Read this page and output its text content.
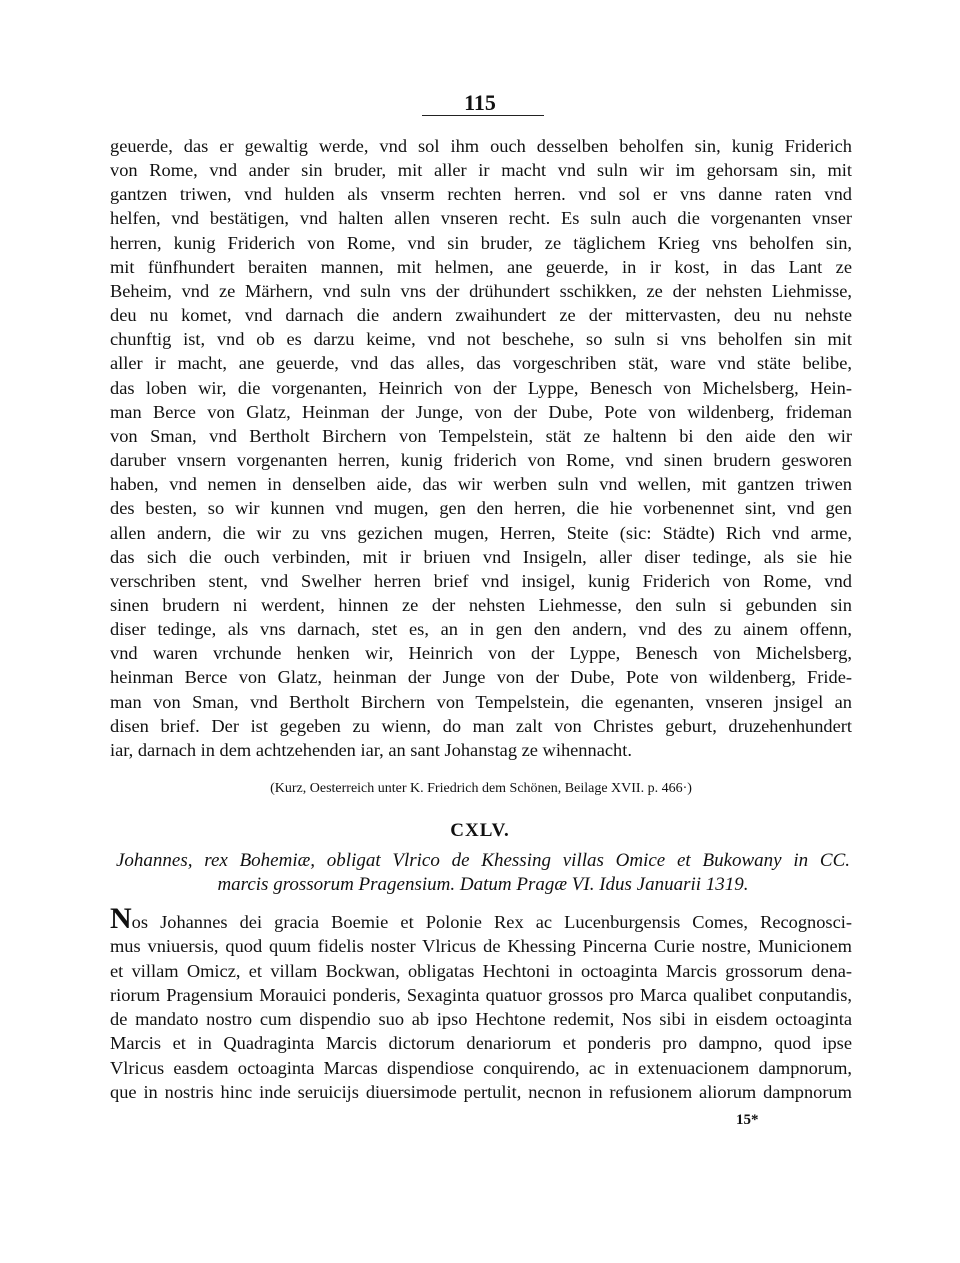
115
geuerde, das er gewaltig werde, vnd sol ihm ouch desselben beholfen sin, kunig Friderich
von Rome, vnd ander sin bruder, mit aller ir macht vnd suln wir im gehorsam sin, mit
gantzen triwen, vnd hulden als vnserm rechten herren. vnd sol er vns danne raten vnd
helfen, vnd bestätigen, vnd halten allen vnseren recht. Es suln auch die vorgenanten vnser
herren, kunig Friderich von Rome, vnd sin bruder, ze täglichem Krieg vns beholfen sin,
mit fünfhundert beraiten mannen, mit helmen, ane geuerde, in ir kost, in das Lant ze
Beheim, vnd ze Märhern, vnd suln vns der drühundert sschikken, ze der nehsten Liehmisse,
deu nu komet, vnd darnach die andern zwaihundert ze der mittervasten, deu nu nehste
chunftig ist, vnd ob es darzu keime, vnd not beschehe, so suln si vns beholfen sin mit
aller ir macht, ane geuerde, vnd das alles, das vorgeschriben stät, ware vnd stäte belibe,
das loben wir, die vorgenanten, Heinrich von der Lyppe, Benesch von Michelsberg, Hein-
man Berce von Glatz, Heinman der Junge, von der Dube, Pote von wildenberg, frideman
von Sman, vnd Bertholt Birchern von Tempelstein, stät ze haltenn bi den aide den wir
daruber vnsern vorgenanten herren, kunig friderich von Rome, vnd sinen brudern gesworen
haben, vnd nemen in denselben aide, das wir werben suln vnd wellen, mit gantzen triwen
des besten, so wir kunnen vnd mugen, gen den herren, die hie vorbenennet sint, vnd gen
allen andern, die wir zu vns gezichen mugen, Herren, Steite (sic: Städte) Rich vnd arme,
das sich die ouch verbinden, mit ir briuen vnd Insigeln, aller diser tedinge, als sie hie
verschriben stent, vnd Swelher herren brief vnd insigel, kunig Friderich von Rome, vnd
sinen brudern ni werdent, hinnen ze der nehsten Liehmesse, den suln si gebunden sin
diser tedinge, als vns darnach, stet es, an in gen den andern, vnd des zu ainem offenn,
vnd waren vrchunde henken wir, Heinrich von der Lyppe, Benesch von Michelsberg,
heinman Berce von Glatz, heinman der Junge von der Dube, Pote von wildenberg, Fride-
man von Sman, vnd Bertholt Birchern von Tempelstein, die egenanten, vnseren jnsigel an
disen brief. Der ist gegeben zu wienn, do man zalt von Christes geburt, druzehenhundert
iar, darnach in dem achtzehenden iar, an sant Johanstag ze wihennacht.
(Kurz, Oesterreich unter K. Friedrich dem Schönen, Beilage XVII. p. 466·)
CXLV.
Johannes, rex Bohemiæ, obligat Vlrico de Khessing villas Omice et Bukowany in CC.
marcis grossorum Pragensium. Datum Pragæ VI. Idus Januarii 1319.
Nos Johannes dei gracia Boemie et Polonie Rex ac Lucenburgensis Comes, Recognosci-
mus vniuersis, quod quum fidelis noster Vlricus de Khessing Pincerna Curie nostre, Municionem
et villam Omicz, et villam Bockwan, obligatas Hechtoni in octoaginta Marcis grossorum dena-
riorum Pragensium Morauici ponderis, Sexaginta quatuor grossos pro Marca qualibet conputandis,
de mandato nostro cum dispendio suo ab ipso Hechtone redemit, Nos sibi in eisdem octoaginta
Marcis et in Quadraginta Marcis dictorum denariorum et ponderis pro dampno, quod ipse
Vlricus easdem octoaginta Marcas dispendiose conquirendo, ac in extenuacionem dampnorum,
que in nostris hinc inde seruicijs diuersimode pertulit, necnon in refusionem aliorum dampnorum
15*
